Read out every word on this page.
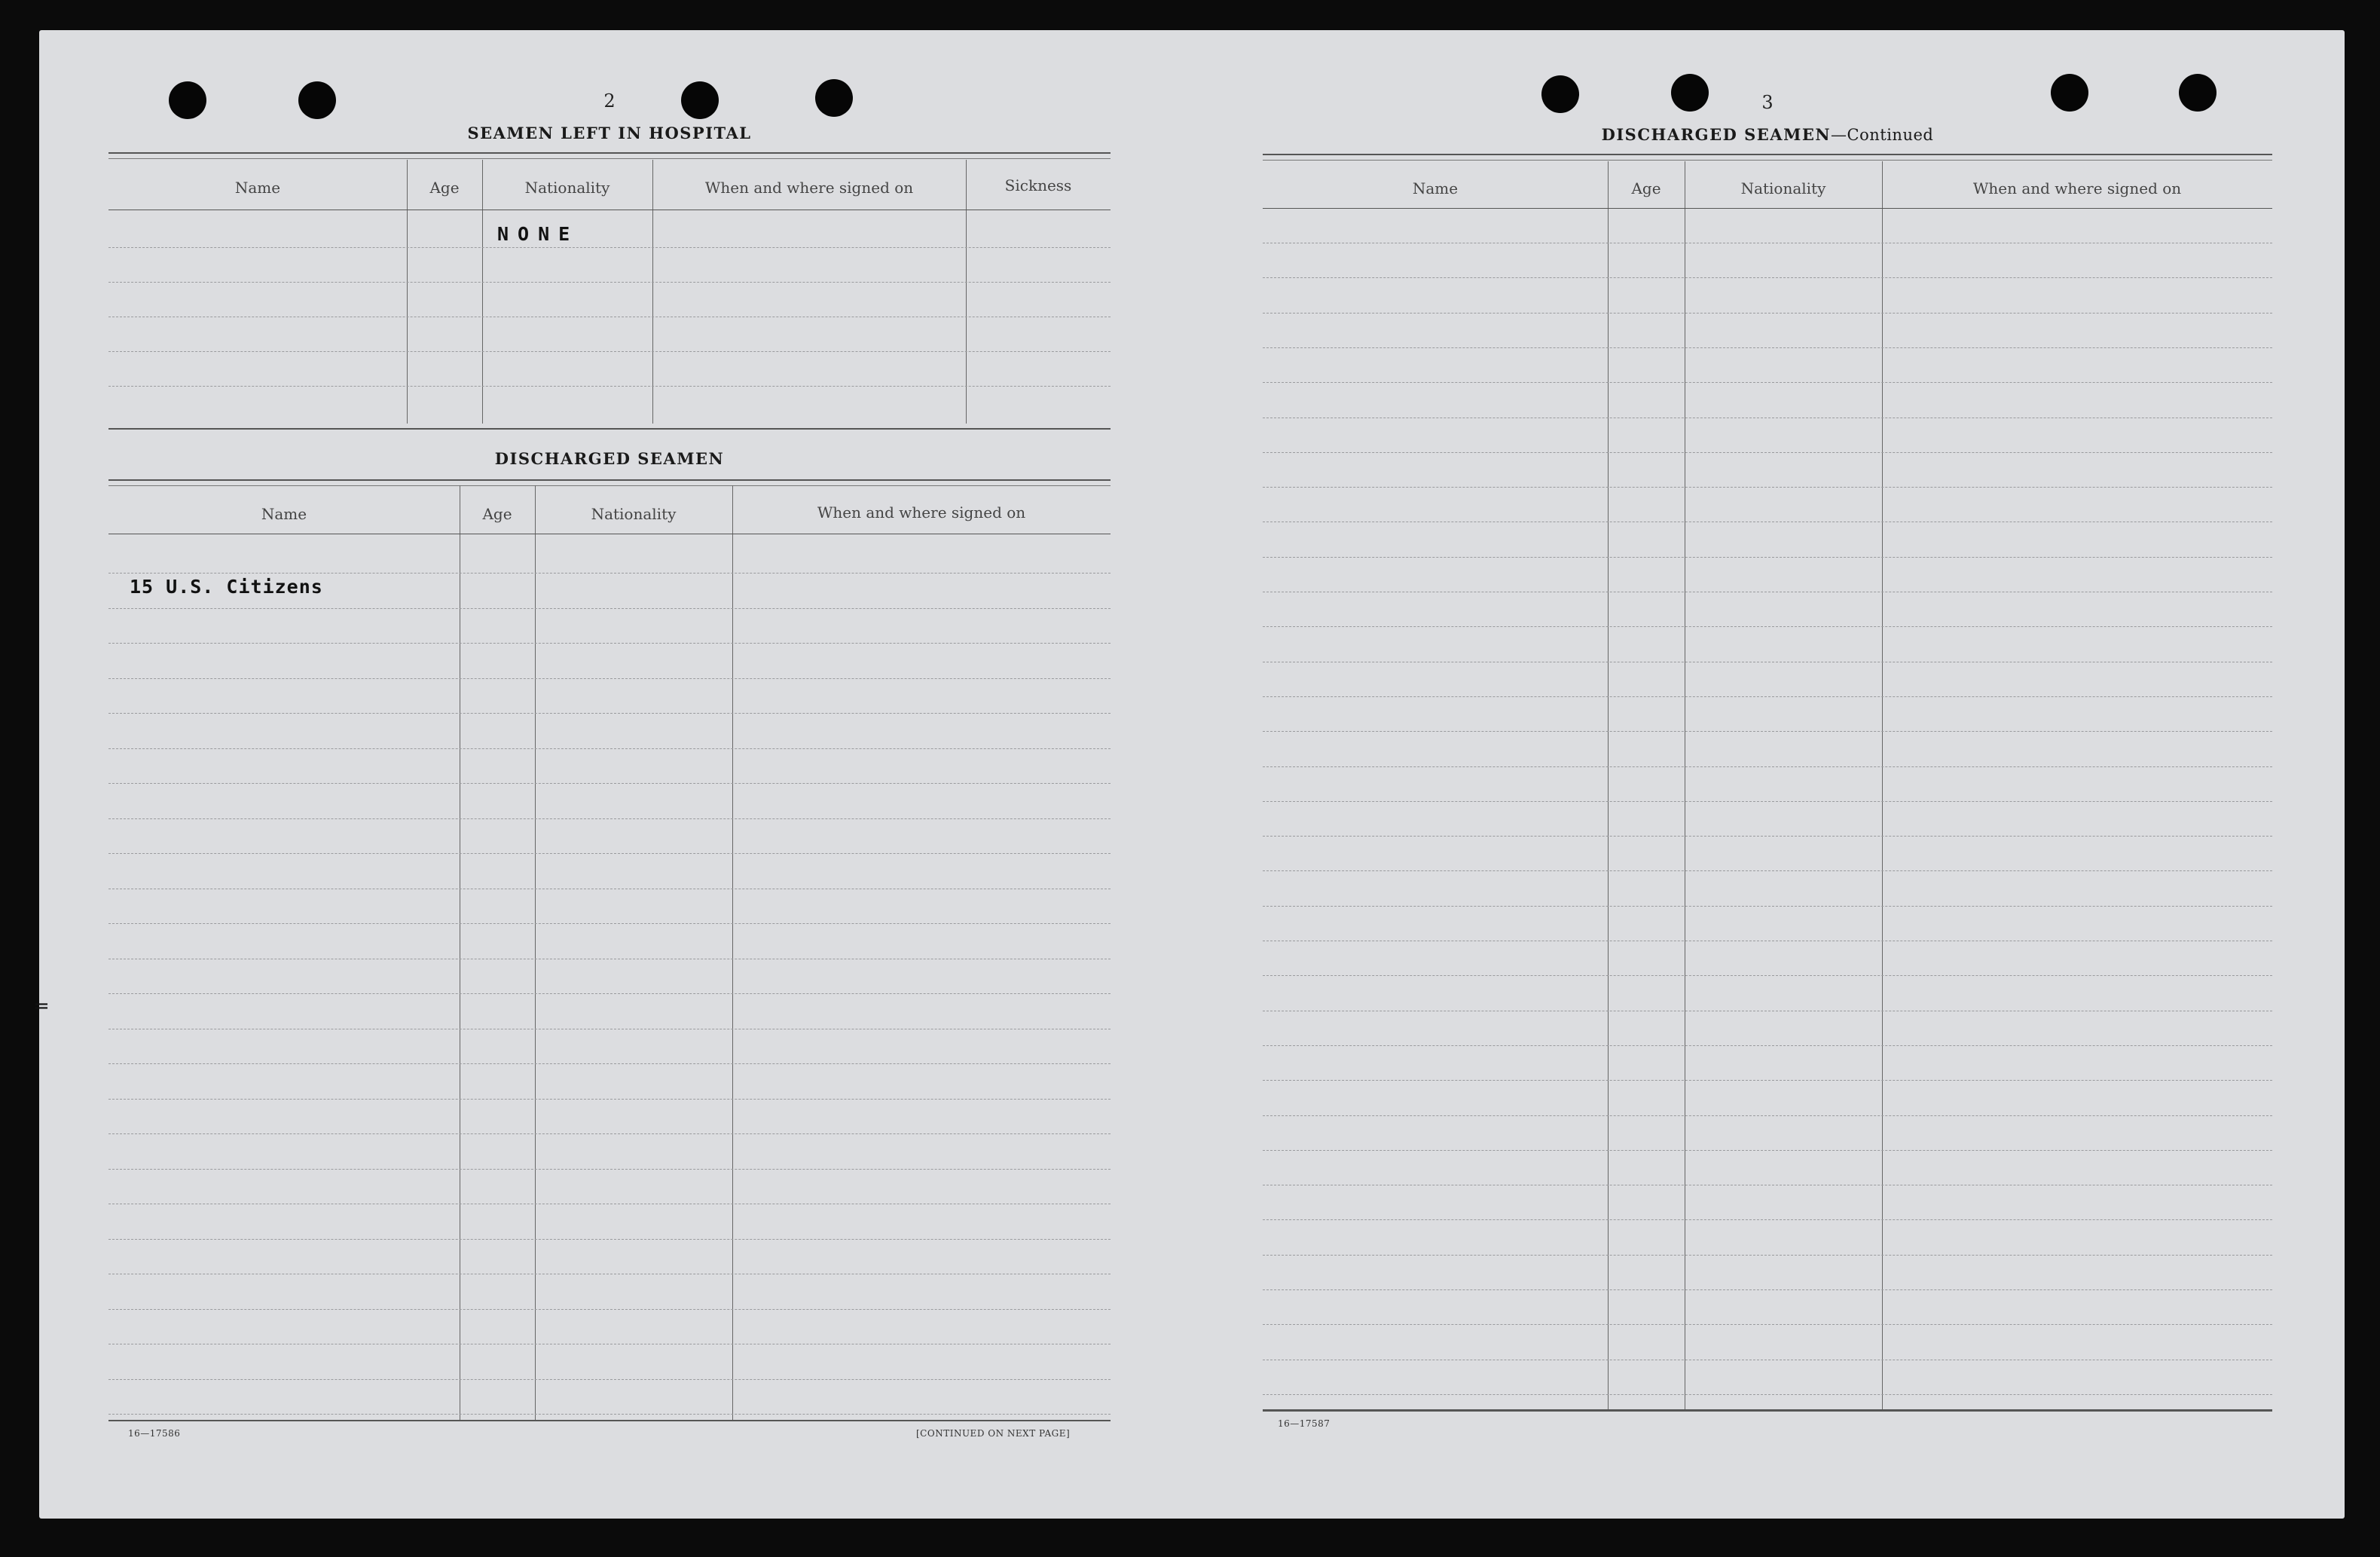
2
SEAMEN LEFT IN HOSPITAL
Name	Age	Nationality	When and where signed on	Sickness
NONE
DISCHARGED SEAMEN
Name	Age	Nationality	When and where signed on
15 U.S. Citizens
16—17586	[CONTINUED ON NEXT PAGE]
3
DISCHARGED SEAMEN—Continued
Name	Age	Nationality	When and where signed on
16—17587
=
